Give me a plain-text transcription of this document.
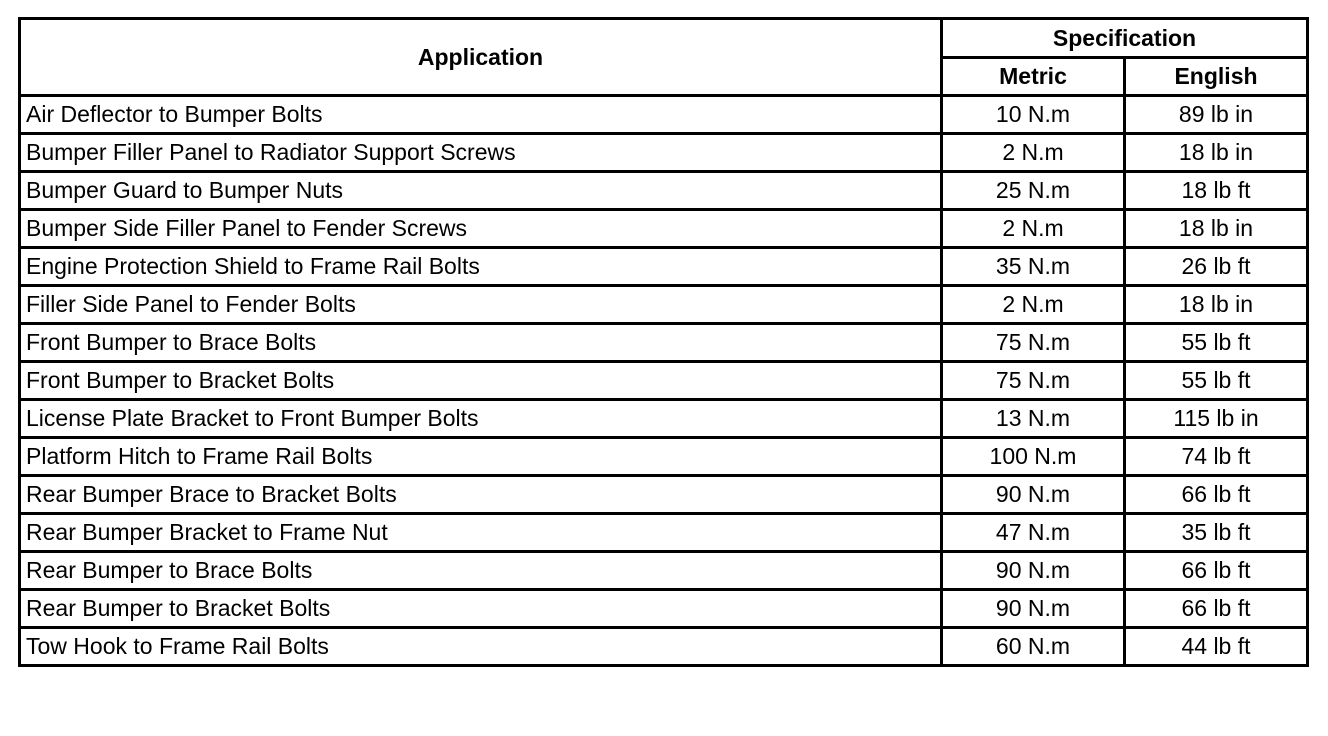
Application	Specification	
	Metric	English
Air Deflector to Bumper Bolts	10 N.m	89 lb in
Bumper Filler Panel to Radiator Support Screws	2 N.m	18 lb in
Bumper Guard to Bumper Nuts	25 N.m	18 lb ft
Bumper Side Filler Panel to Fender Screws	2 N.m	18 lb in
Engine Protection Shield to Frame Rail Bolts	35 N.m	26 lb ft
Filler Side Panel to Fender Bolts	2 N.m	18 lb in
Front Bumper to Brace Bolts	75 N.m	55 lb ft
Front Bumper to Bracket Bolts	75 N.m	55 lb ft
License Plate Bracket to Front Bumper Bolts	13 N.m	115 lb in
Platform Hitch to Frame Rail Bolts	100 N.m	74 lb ft
Rear Bumper Brace to Bracket Bolts	90 N.m	66 lb ft
Rear Bumper Bracket to Frame Nut	47 N.m	35 lb ft
Rear Bumper to Brace Bolts	90 N.m	66 lb ft
Rear Bumper to Bracket Bolts	90 N.m	66 lb ft
Tow Hook to Frame Rail Bolts	60 N.m	44 lb ft
